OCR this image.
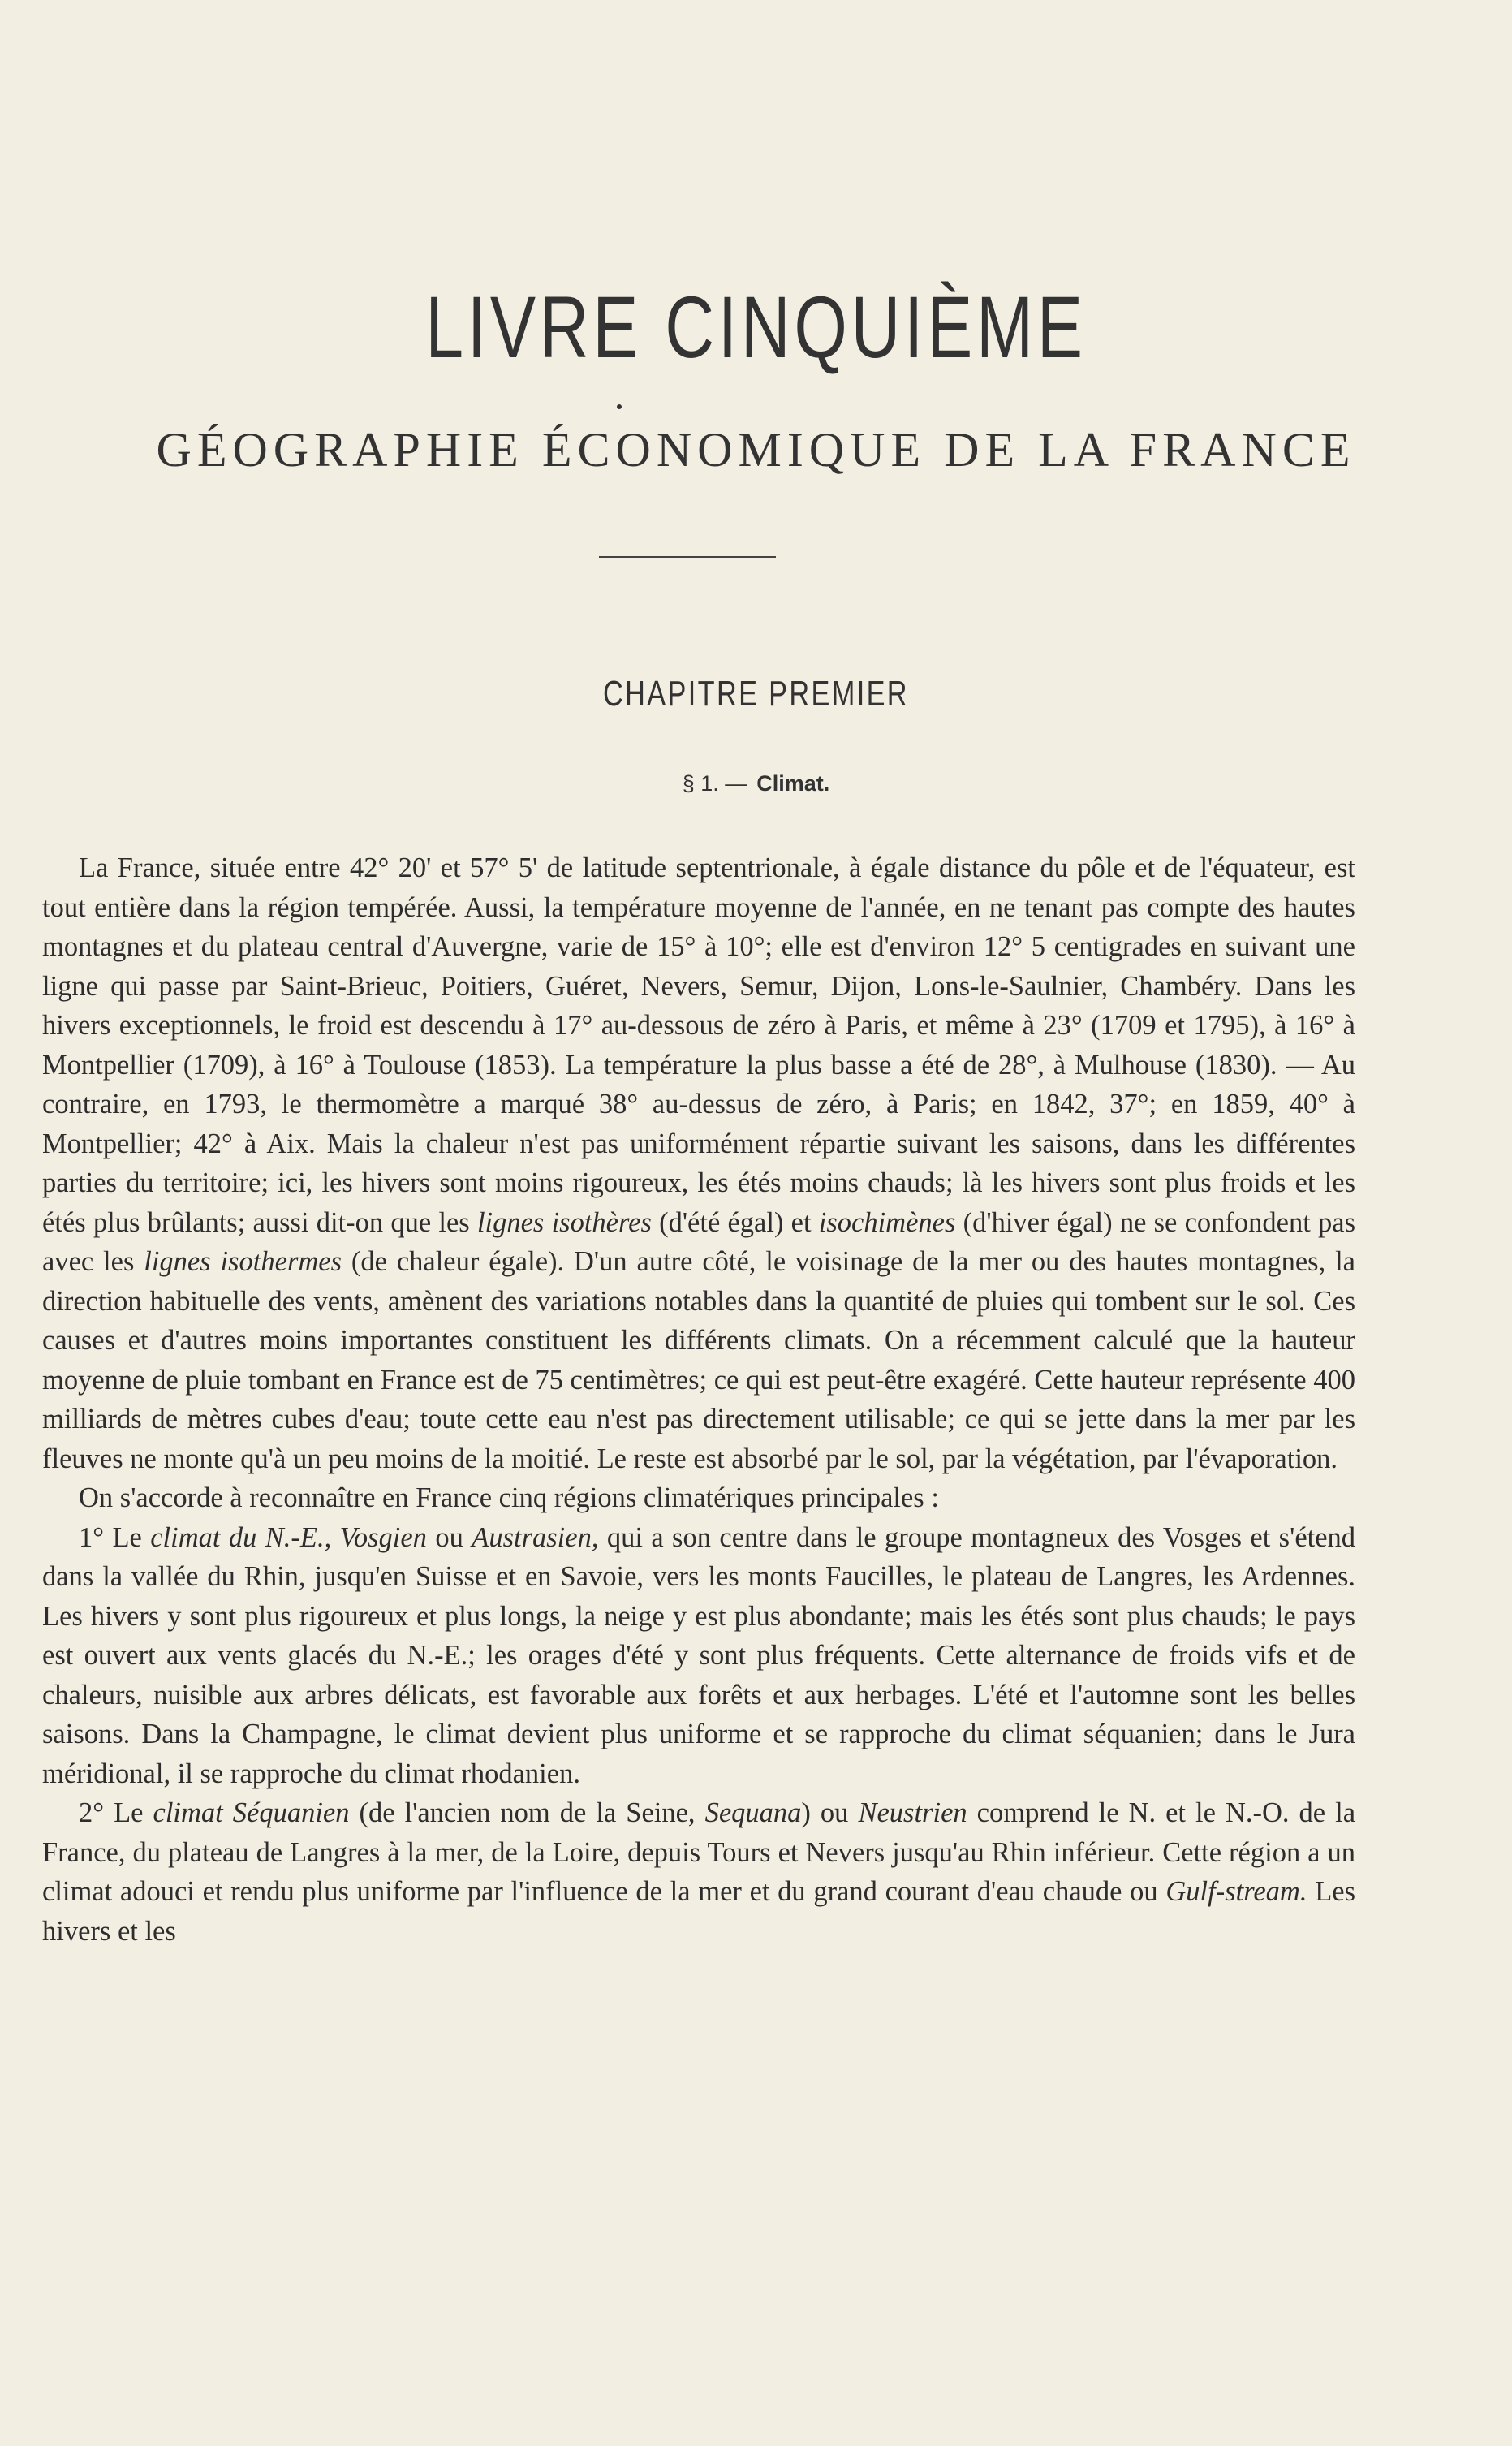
LIVRE CINQUIÈME
GÉOGRAPHIE ÉCONOMIQUE DE LA FRANCE
CHAPITRE PREMIER
§ 1. — Climat.

La France, située entre 42° 20' et 57° 5' de latitude septentrionale, à égale distance du pôle et de l'équateur, est tout entière dans la région tempérée. Aussi, la température moyenne de l'année, en ne tenant pas compte des hautes montagnes et du plateau central d'Auvergne, varie de 15° à 10°; elle est d'environ 12° 5 centigrades en suivant une ligne qui passe par Saint-Brieuc, Poitiers, Guéret, Nevers, Semur, Dijon, Lons-le-Saulnier, Chambéry. Dans les hivers exceptionnels, le froid est descendu à 17° au-dessous de zéro à Paris, et même à 23° (1709 et 1795), à 16° à Montpellier (1709), à 16° à Toulouse (1853). La température la plus basse a été de 28°, à Mulhouse (1830). — Au contraire, en 1793, le thermomètre a marqué 38° au-dessus de zéro, à Paris; en 1842, 37°; en 1859, 40° à Montpellier; 42° à Aix. Mais la chaleur n'est pas uniformément répartie suivant les saisons, dans les différentes parties du territoire; ici, les hivers sont moins rigoureux, les étés moins chauds; là les hivers sont plus froids et les étés plus brûlants; aussi dit-on que les lignes isothères (d'été égal) et isochimènes (d'hiver égal) ne se confondent pas avec les lignes isothermes (de chaleur égale). D'un autre côté, le voisinage de la mer ou des hautes montagnes, la direction habituelle des vents, amènent des variations notables dans la quantité de pluies qui tombent sur le sol. Ces causes et d'autres moins importantes constituent les différents climats. On a récemment calculé que la hauteur moyenne de pluie tombant en France est de 75 centimètres; ce qui est peut-être exagéré. Cette hauteur représente 400 milliards de mètres cubes d'eau; toute cette eau n'est pas directement utilisable; ce qui se jette dans la mer par les fleuves ne monte qu'à un peu moins de la moitié. Le reste est absorbé par le sol, par la végétation, par l'évaporation.

On s'accorde à reconnaître en France cinq régions climatériques principales :

1° Le climat du N.-E., Vosgien ou Austrasien, qui a son centre dans le groupe montagneux des Vosges et s'étend dans la vallée du Rhin, jusqu'en Suisse et en Savoie, vers les monts Faucilles, le plateau de Langres, les Ardennes. Les hivers y sont plus rigoureux et plus longs, la neige y est plus abondante; mais les étés sont plus chauds; le pays est ouvert aux vents glacés du N.-E.; les orages d'été y sont plus fréquents. Cette alternance de froids vifs et de chaleurs, nuisible aux arbres délicats, est favorable aux forêts et aux herbages. L'été et l'automne sont les belles saisons. Dans la Champagne, le climat devient plus uniforme et se rapproche du climat séquanien; dans le Jura méridional, il se rapproche du climat rhodanien.

2° Le climat Séquanien (de l'ancien nom de la Seine, Sequana) ou Neustrien comprend le N. et le N.-O. de la France, du plateau de Langres à la mer, de la Loire, depuis Tours et Nevers jusqu'au Rhin inférieur. Cette région a un climat adouci et rendu plus uniforme par l'influence de la mer et du grand courant d'eau chaude ou Gulf-stream. Les hivers et les
